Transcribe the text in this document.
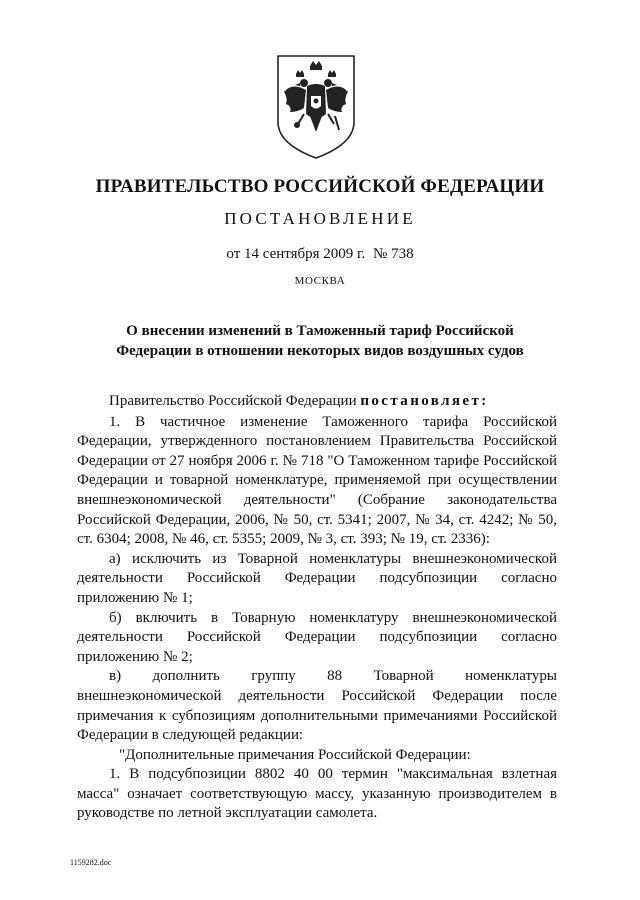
ПРАВИТЕЛЬСТВО РОССИЙСКОЙ ФЕДЕРАЦИИ
ПОСТАНОВЛЕНИЕ
от 14 сентября 2009 г. № 738
МОСКВА
О внесении изменений в Таможенный тариф Российской
Федерации в отношении некоторых видов воздушных судов

Правительство Российской Федерации постановляет:

1. В частичное изменение Таможенного тарифа Российской Федерации, утвержденного постановлением Правительства Российской Федерации от 27 ноября 2006 г. № 718 "О Таможенном тарифе Российской Федерации и товарной номенклатуре, применяемой при осуществлении внешнеэкономической деятельности" (Собрание законодательства Российской Федерации, 2006, № 50, ст. 5341; 2007, № 34, ст. 4242; № 50, ст. 6304; 2008, № 46, ст. 5355; 2009, № 3, ст. 393; № 19, ст. 2336):

а) исключить из Товарной номенклатуры внешнеэкономической деятельности Российской Федерации подсубпозиции согласно приложению № 1;

б) включить в Товарную номенклатуру внешнеэкономической деятельности Российской Федерации подсубпозиции согласно приложению № 2;

в) дополнить группу 88 Товарной номенклатуры внешнеэкономической деятельности Российской Федерации после примечания к субпозициям дополнительными примечаниями Российской Федерации в следующей редакции:

"Дополнительные примечания Российской Федерации:

1. В подсубпозиции 8802 40 00 термин "максимальная взлетная масса" означает соответствующую массу, указанную производителем в руководстве по летной эксплуатации самолета.

1159282.doc
